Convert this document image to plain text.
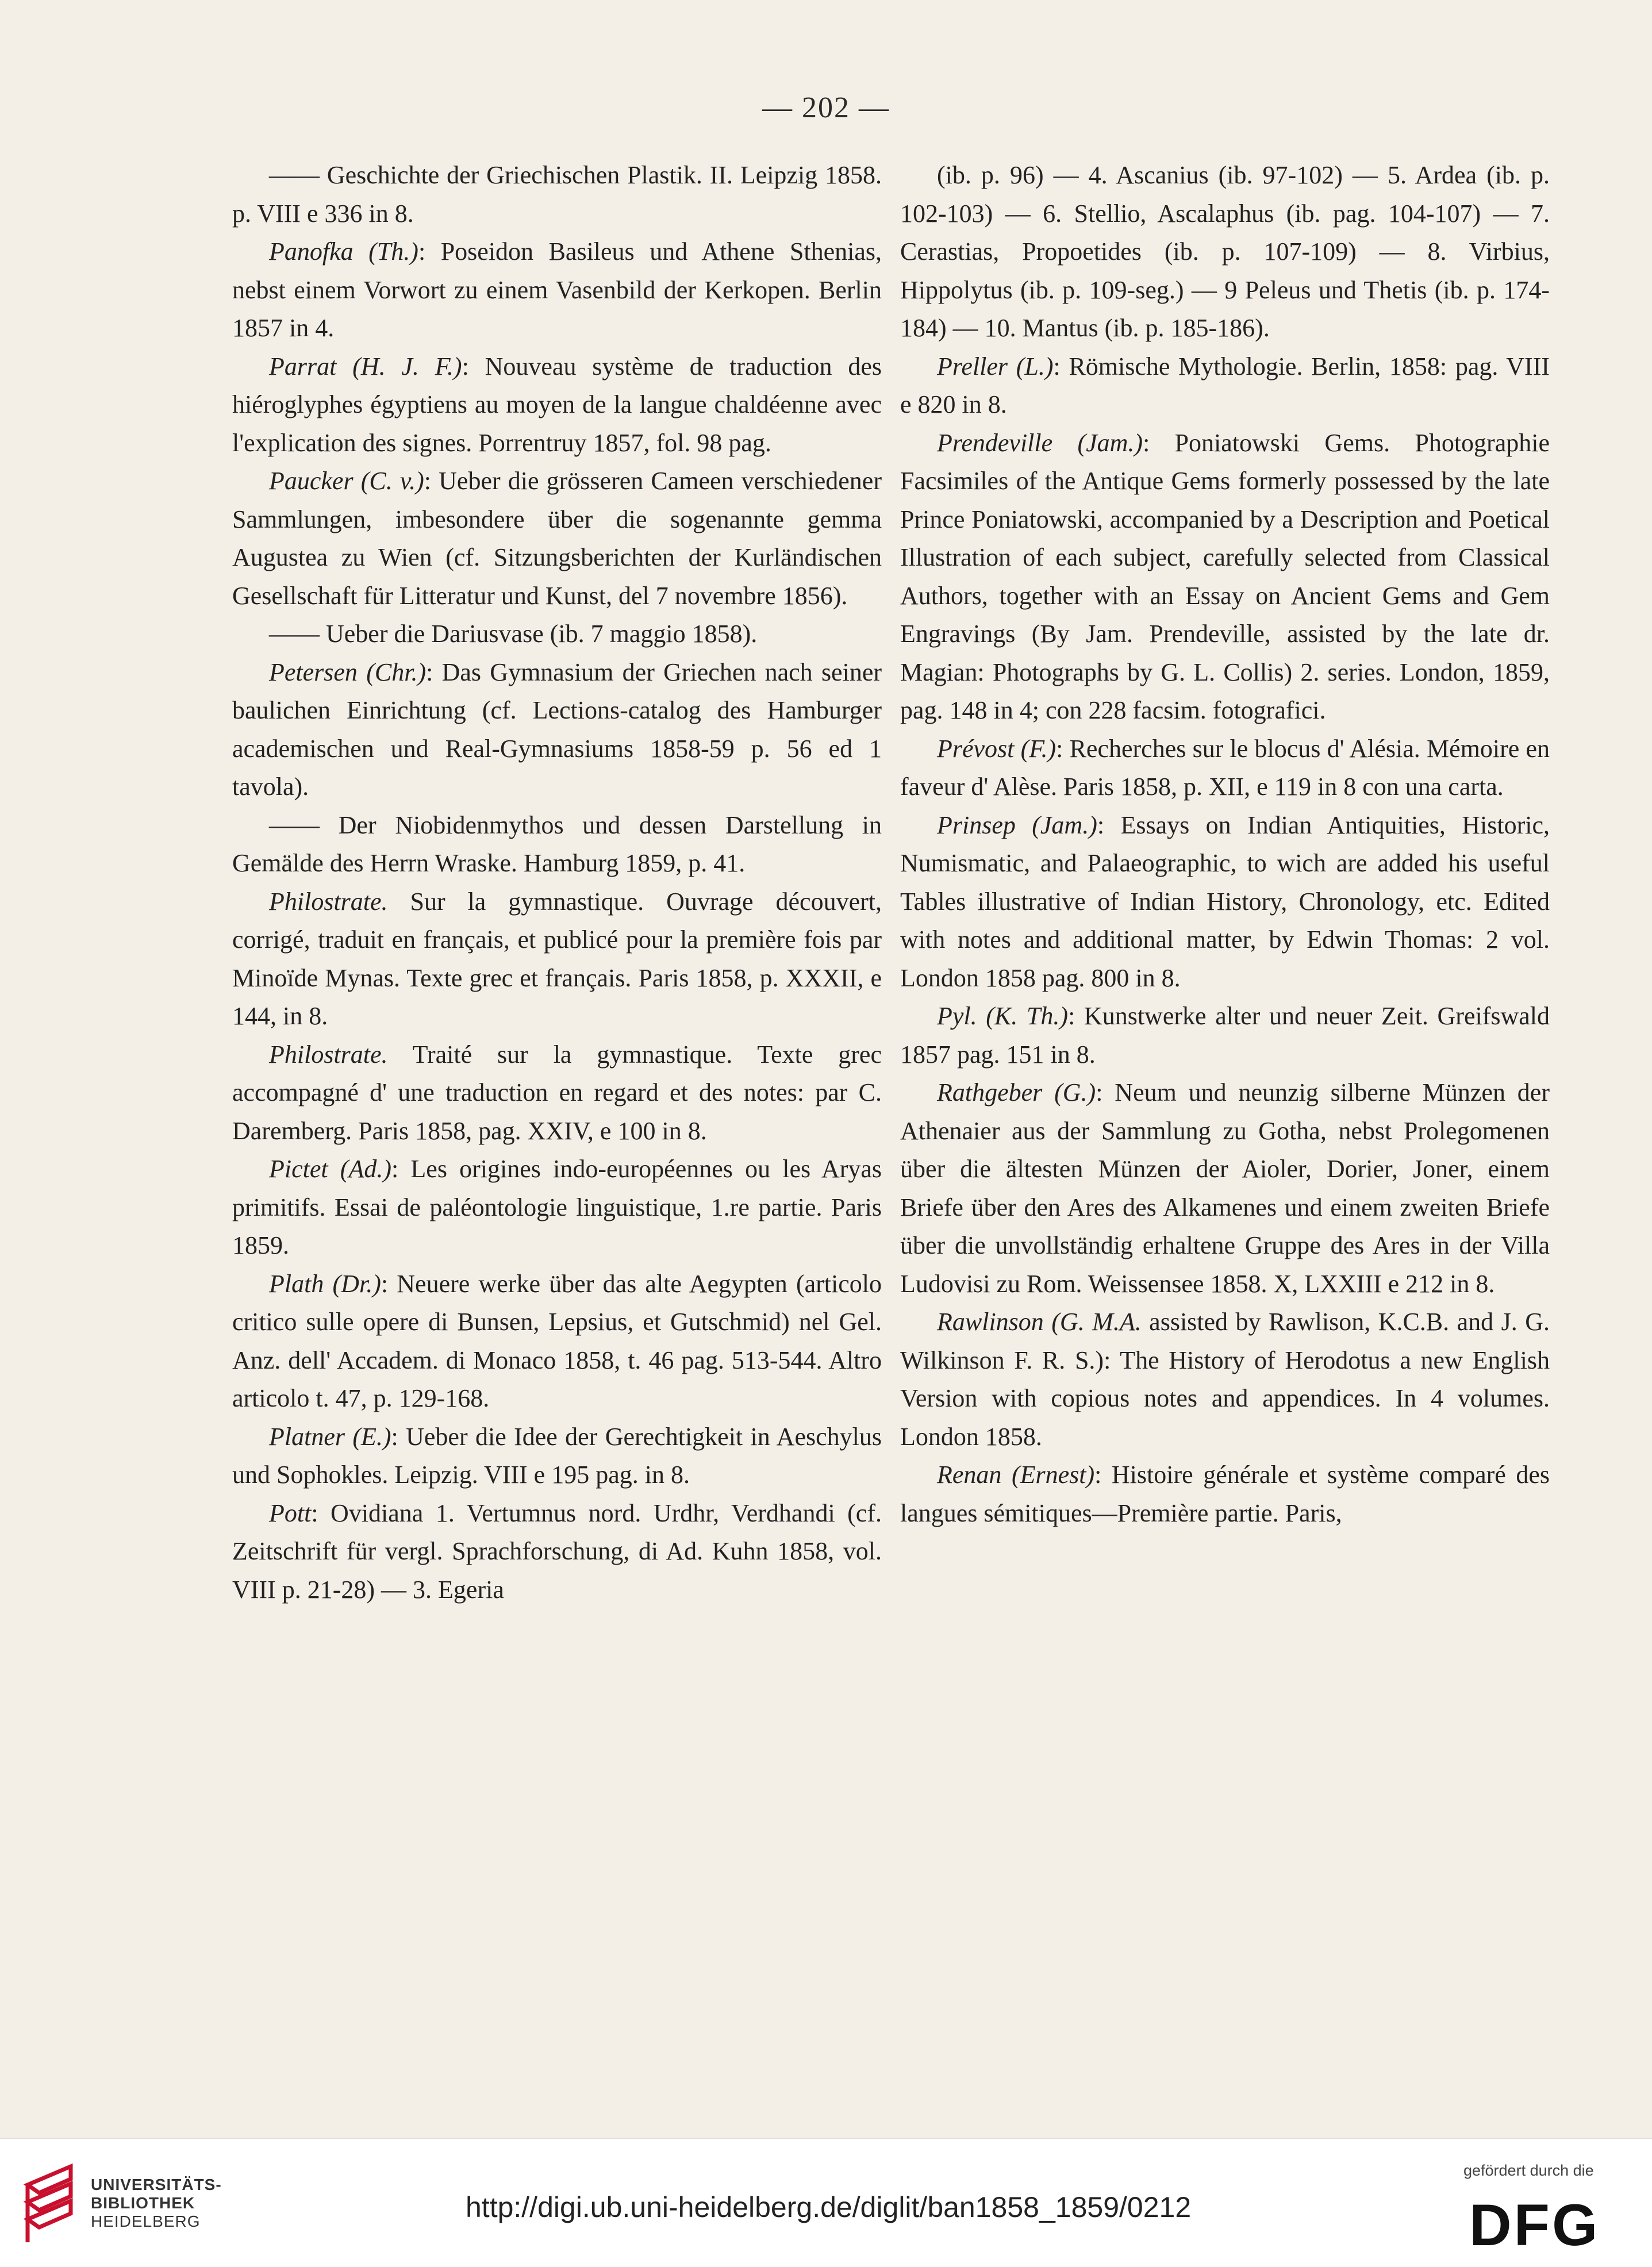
— 202 —

—— Geschichte der Griechischen Plastik. II. Leipzig 1858. p. VIII e 336 in 8.

Panofka (Th.): Poseidon Basileus und Athene Sthenias, nebst einem Vorwort zu einem Vasenbild der Kerkopen. Berlin 1857 in 4.

Parrat (H. J. F.): Nouveau système de traduction des hiéroglyphes égyptiens au moyen de la langue chaldéenne avec l'explication des signes. Porrentruy 1857, fol. 98 pag.

Paucker (C. v.): Ueber die grösseren Cameen verschiedener Sammlungen, imbesondere über die sogenannte gemma Augustea zu Wien (cf. Sitzungsberichten der Kurländischen Gesellschaft für Litteratur und Kunst, del 7 novembre 1856).

—— Ueber die Dariusvase (ib. 7 maggio 1858).

Petersen (Chr.): Das Gymnasium der Griechen nach seiner baulichen Einrichtung (cf. Lections-catalog des Hamburger academischen und Real-Gymnasiums 1858-59 p. 56 ed 1 tavola).

—— Der Niobidenmythos und dessen Darstellung in Gemälde des Herrn Wraske. Hamburg 1859, p. 41.

Philostrate. Sur la gymnastique. Ouvrage découvert, corrigé, traduit en français, et publicé pour la première fois par Minoïde Mynas. Texte grec et français. Paris 1858, p. XXXII, e 144, in 8.

Philostrate. Traité sur la gymnastique. Texte grec accompagné d' une traduction en regard et des notes: par C. Daremberg. Paris 1858, pag. XXIV, e 100 in 8.

Pictet (Ad.): Les origines indo-européennes ou les Aryas primitifs. Essai de paléontologie linguistique, 1.re partie. Paris 1859.

Plath (Dr.): Neuere werke über das alte Aegypten (articolo critico sulle opere di Bunsen, Lepsius, et Gutschmid) nel Gel. Anz. dell' Accadem. di Monaco 1858, t. 46 pag. 513-544. Altro articolo t. 47, p. 129-168.

Platner (E.): Ueber die Idee der Gerechtigkeit in Aeschylus und Sophokles. Leipzig. VIII e 195 pag. in 8.

Pott: Ovidiana 1. Vertumnus nord. Urdhr, Verdhandi (cf. Zeitschrift für vergl. Sprachforschung, di Ad. Kuhn 1858, vol. VIII p. 21-28) — 3. Egeria

(ib. p. 96) — 4. Ascanius (ib. 97-102) — 5. Ardea (ib. p. 102-103) — 6. Stellio, Ascalaphus (ib. pag. 104-107) — 7. Cerastias, Propoetides (ib. p. 107-109) — 8. Virbius, Hippolytus (ib. p. 109-seg.) — 9 Peleus und Thetis (ib. p. 174-184) — 10. Mantus (ib. p. 185-186).

Preller (L.): Römische Mythologie. Berlin, 1858: pag. VIII e 820 in 8.

Prendeville (Jam.): Poniatowski Gems. Photographie Facsimiles of the Antique Gems formerly possessed by the late Prince Poniatowski, accompanied by a Description and Poetical Illustration of each subject, carefully selected from Classical Authors, together with an Essay on Ancient Gems and Gem Engravings (By Jam. Prendeville, assisted by the late dr. Magian: Photographs by G. L. Collis) 2. series. London, 1859, pag. 148 in 4; con 228 facsim. fotografici.

Prévost (F.): Recherches sur le blocus d' Alésia. Mémoire en faveur d' Alèse. Paris 1858, p. XII, e 119 in 8 con una carta.

Prinsep (Jam.): Essays on Indian Antiquities, Historic, Numismatic, and Palaeographic, to wich are added his useful Tables illustrative of Indian History, Chronology, etc. Edited with notes and additional matter, by Edwin Thomas: 2 vol. London 1858 pag. 800 in 8.

Pyl. (K. Th.): Kunstwerke alter und neuer Zeit. Greifswald 1857 pag. 151 in 8.

Rathgeber (G.): Neum und neunzig silberne Münzen der Athenaier aus der Sammlung zu Gotha, nebst Prolegomenen über die ältesten Münzen der Aioler, Dorier, Joner, einem Briefe über den Ares des Alkamenes und einem zweiten Briefe über die unvollständig erhaltene Gruppe des Ares in der Villa Ludovisi zu Rom. Weissensee 1858. X, LXXIII e 212 in 8.

Rawlinson (G. M.A. assisted by Rawlison, K.C.B. and J. G. Wilkinson F. R. S.): The History of Herodotus a new English Version with copious notes and appendices. In 4 volumes. London 1858.

Renan (Ernest): Histoire générale et système comparé des langues sémitiques—Première partie. Paris,

UNIVERSITÄTS-
BIBLIOTHEK
HEIDELBERG	http://digi.ub.uni-heidelberg.de/diglit/ban1858_1859/0212
gefördert durch die
DFG
